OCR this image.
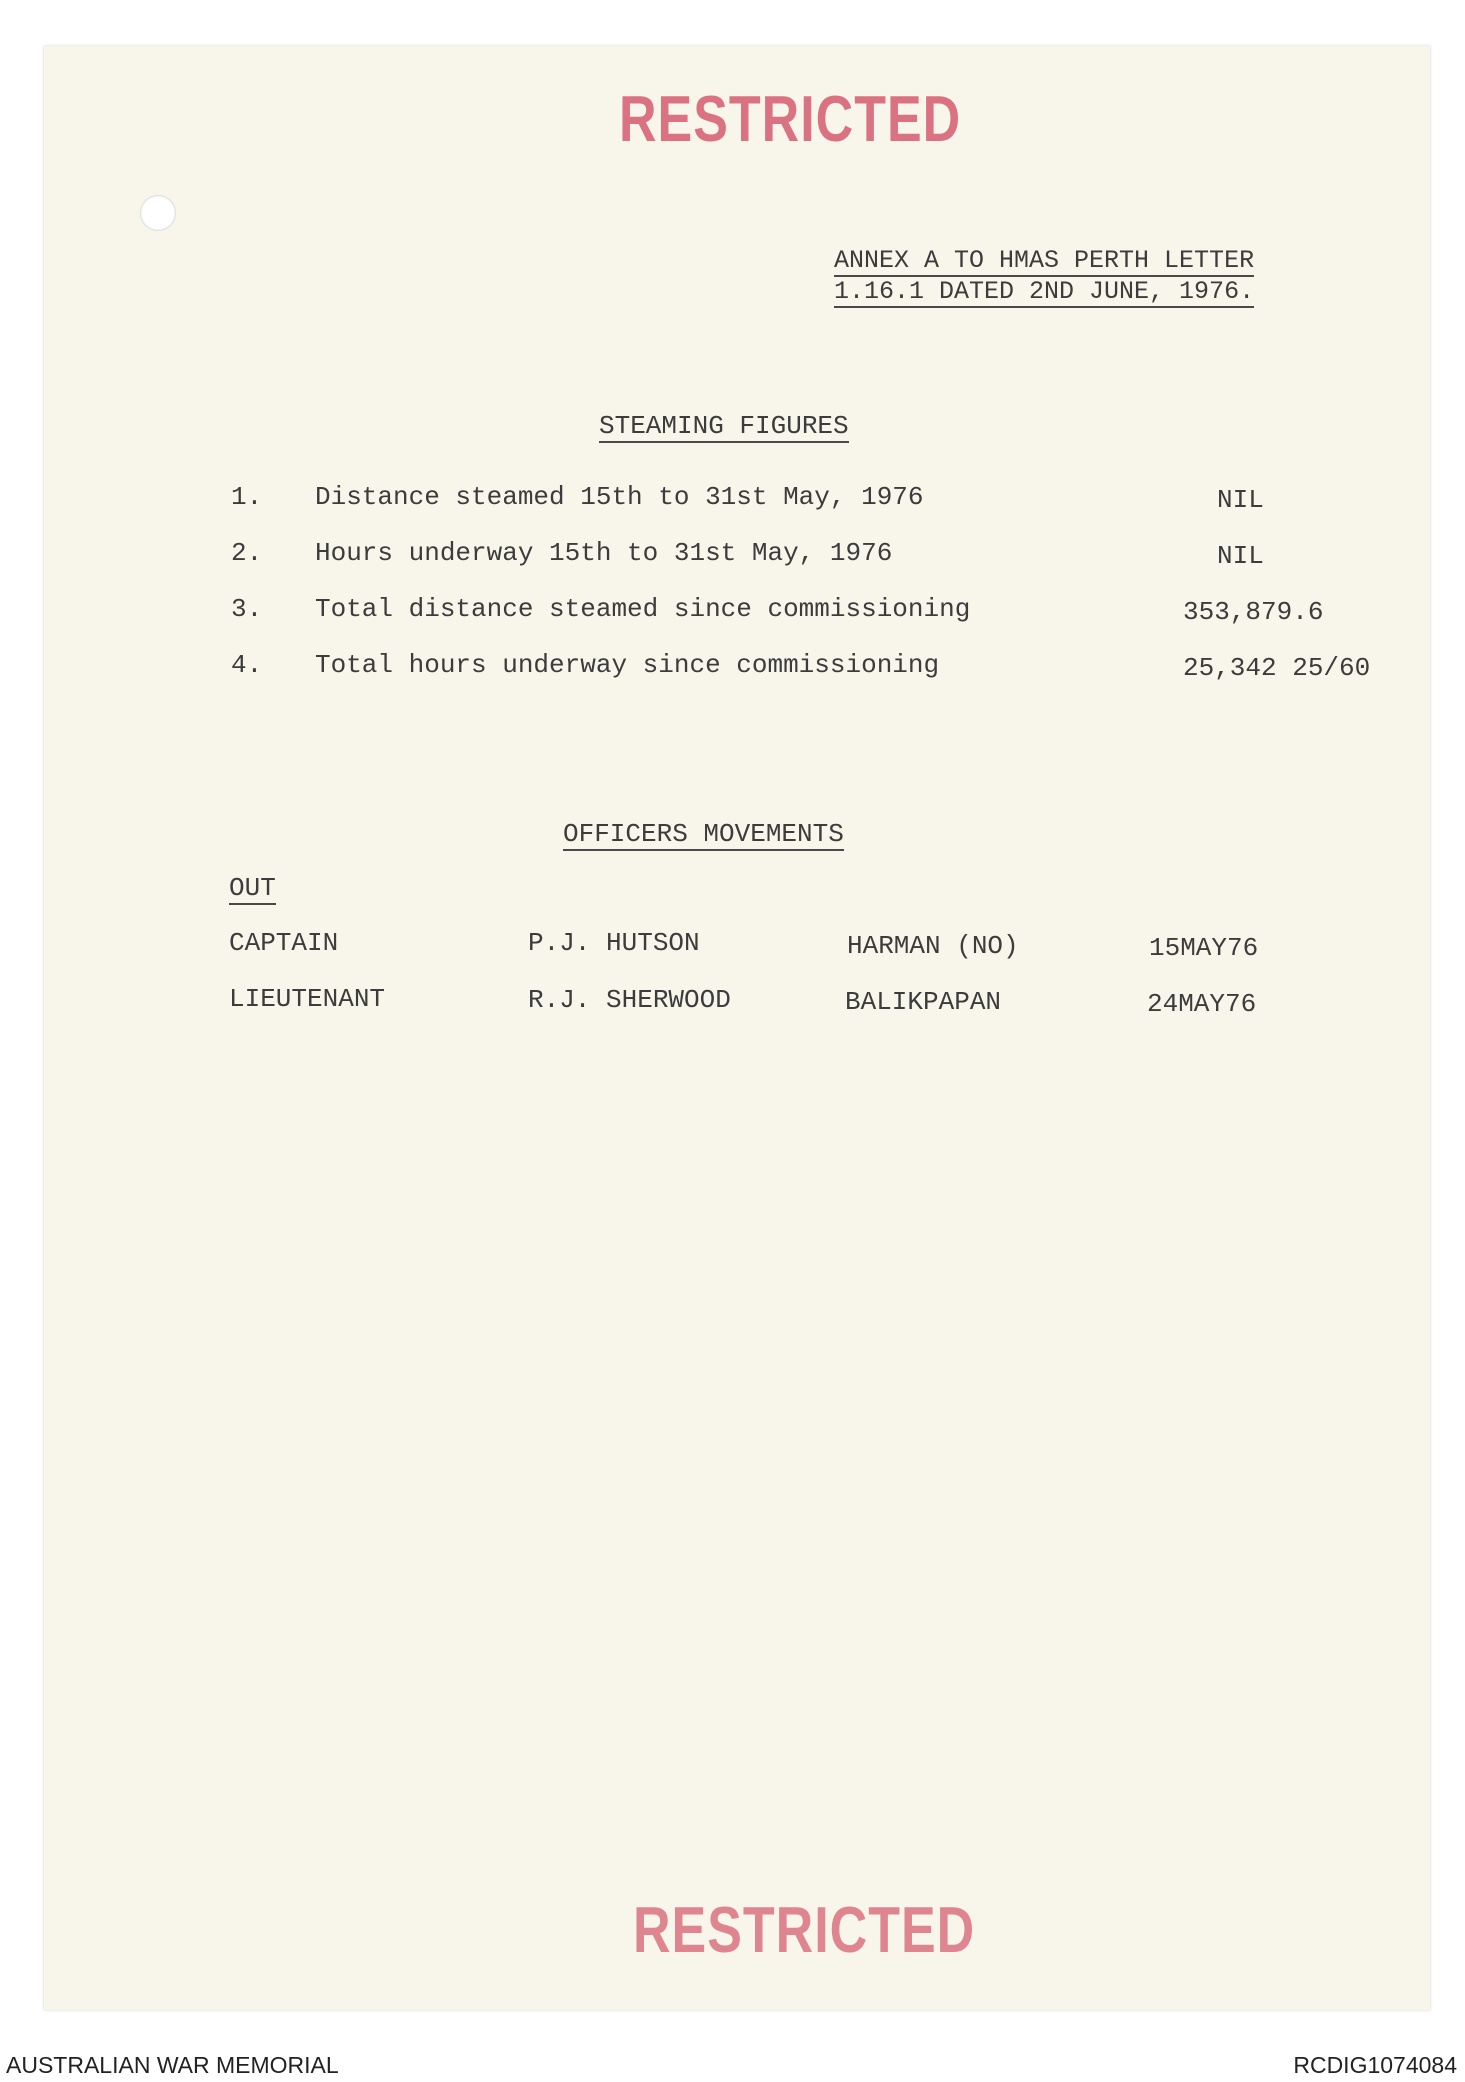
RESTRICTED
ANNEX A TO HMAS PERTH LETTER
1.16.1 DATED 2ND JUNE, 1976.
STEAMING FIGURES
1. Distance steamed 15th to 31st May, 1976	NIL
2. Hours underway 15th to 31st May, 1976	NIL
3. Total distance steamed since commissioning	353,879.6
4. Total hours underway since commissioning	25,342 25/60
OFFICERS MOVEMENTS
OUT
CAPTAIN	P.J. HUTSON	HARMAN (NO)	15MAY76
LIEUTENANT	R.J. SHERWOOD	BALIKPAPAN	24MAY76
RESTRICTED
AUSTRALIAN WAR MEMORIAL	RCDIG1074084
